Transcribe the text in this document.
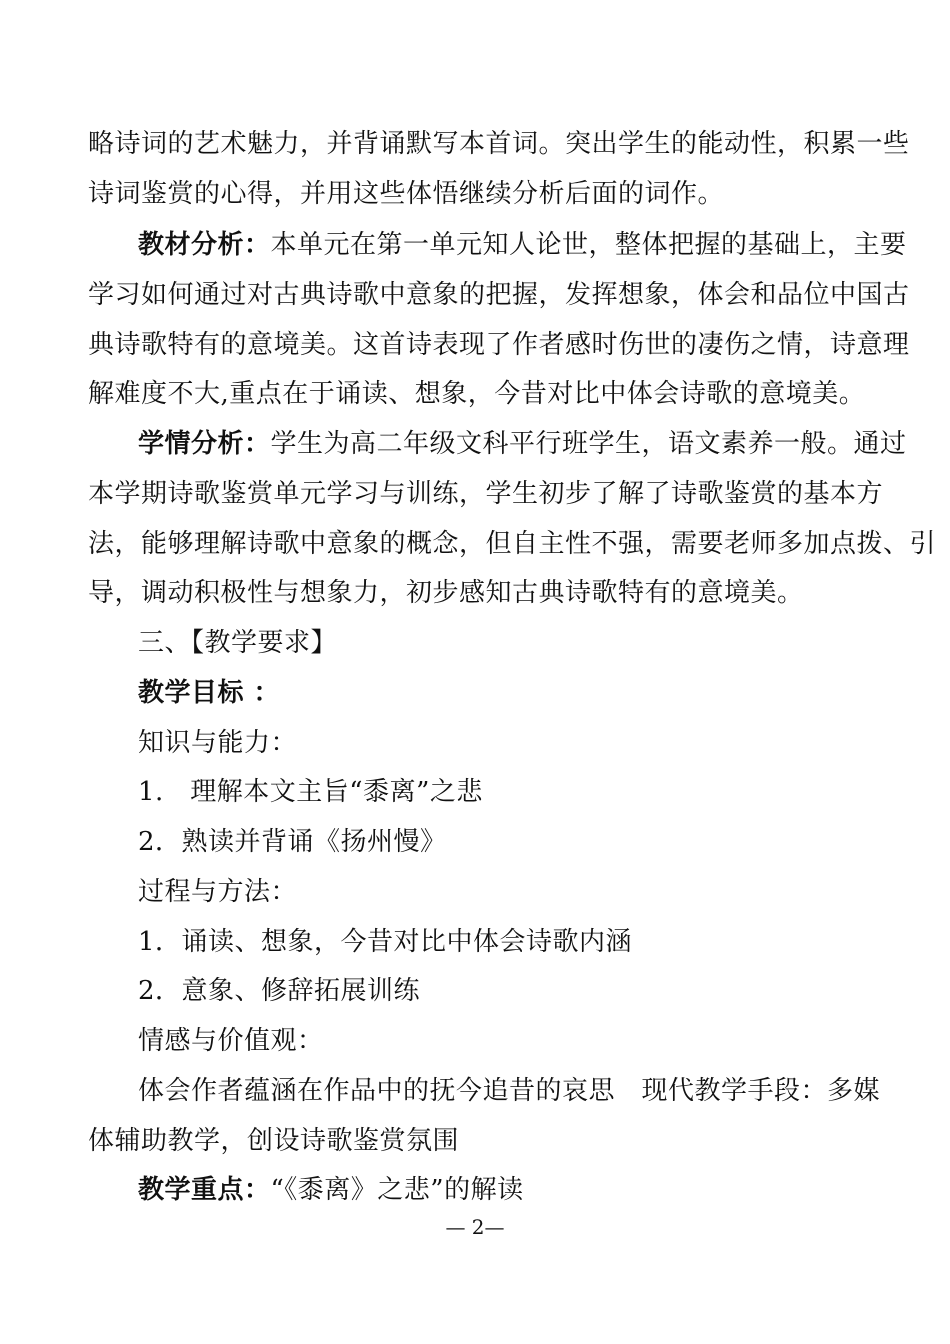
略诗词的艺术魅力，并背诵默写本首词。突出学生的能动性，积累一些
诗词鉴赏的心得，并用这些体悟继续分析后面的词作。
教材分析：本单元在第一单元知人论世，整体把握的基础上，主要
学习如何通过对古典诗歌中意象的把握，发挥想象，体会和品位中国古
典诗歌特有的意境美。这首诗表现了作者感时伤世的凄伤之情，诗意理
解难度不大,重点在于诵读、想象，今昔对比中体会诗歌的意境美。
学情分析：学生为高二年级文科平行班学生，语文素养一般。通过
本学期诗歌鉴赏单元学习与训练，学生初步了解了诗歌鉴赏的基本方
法，能够理解诗歌中意象的概念，但自主性不强，需要老师多加点拨、引
导，调动积极性与想象力，初步感知古典诗歌特有的意境美。
三、【教学要求】
教学目标 ：
知识与能力：
1.　理解本文主旨“黍离”之悲
2．熟读并背诵《扬州慢》
过程与方法：
1．诵读、想象，今昔对比中体会诗歌内涵
2．意象、修辞拓展训练
情感与价值观：
体会作者蕴涵在作品中的抚今追昔的哀思　现代教学手段：多媒
体辅助教学，创设诗歌鉴赏氛围
教学重点：“《黍离》之悲”的解读
— 2—
